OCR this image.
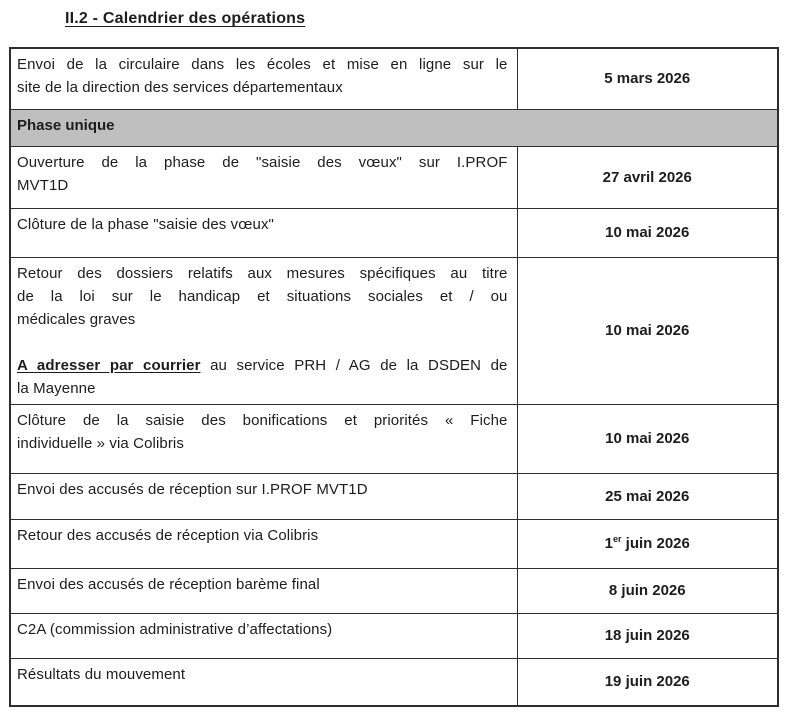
II.2 - Calendrier des opérations

Envoi de la circulaire dans les écoles et mise en ligne sur le
site de la direction des services départementaux	5 mars 2026
Phase unique	

Ouverture de la phase de "saisie des vœux" sur I.PROF
MVT1D	27 avril 2026

Clôture de la phase "saisie des vœux"	10 mai 2026

Retour des dossiers relatifs aux mesures spécifiques au titre
de la loi sur le handicap et situations sociales et / ou
médicales graves

A adresser par courrier au service PRH / AG de la DSDEN de
la Mayenne	10 mai 2026

Clôture de la saisie des bonifications et priorités « Fiche
individuelle » via Colibris	10 mai 2026

Envoi des accusés de réception sur I.PROF MVT1D	25 mai 2026

Retour des accusés de réception via Colibris	1er juin 2026

Envoi des accusés de réception barème final	8 juin 2026

C2A (commission administrative d’affectations)	18 juin 2026

Résultats du mouvement	19 juin 2026
